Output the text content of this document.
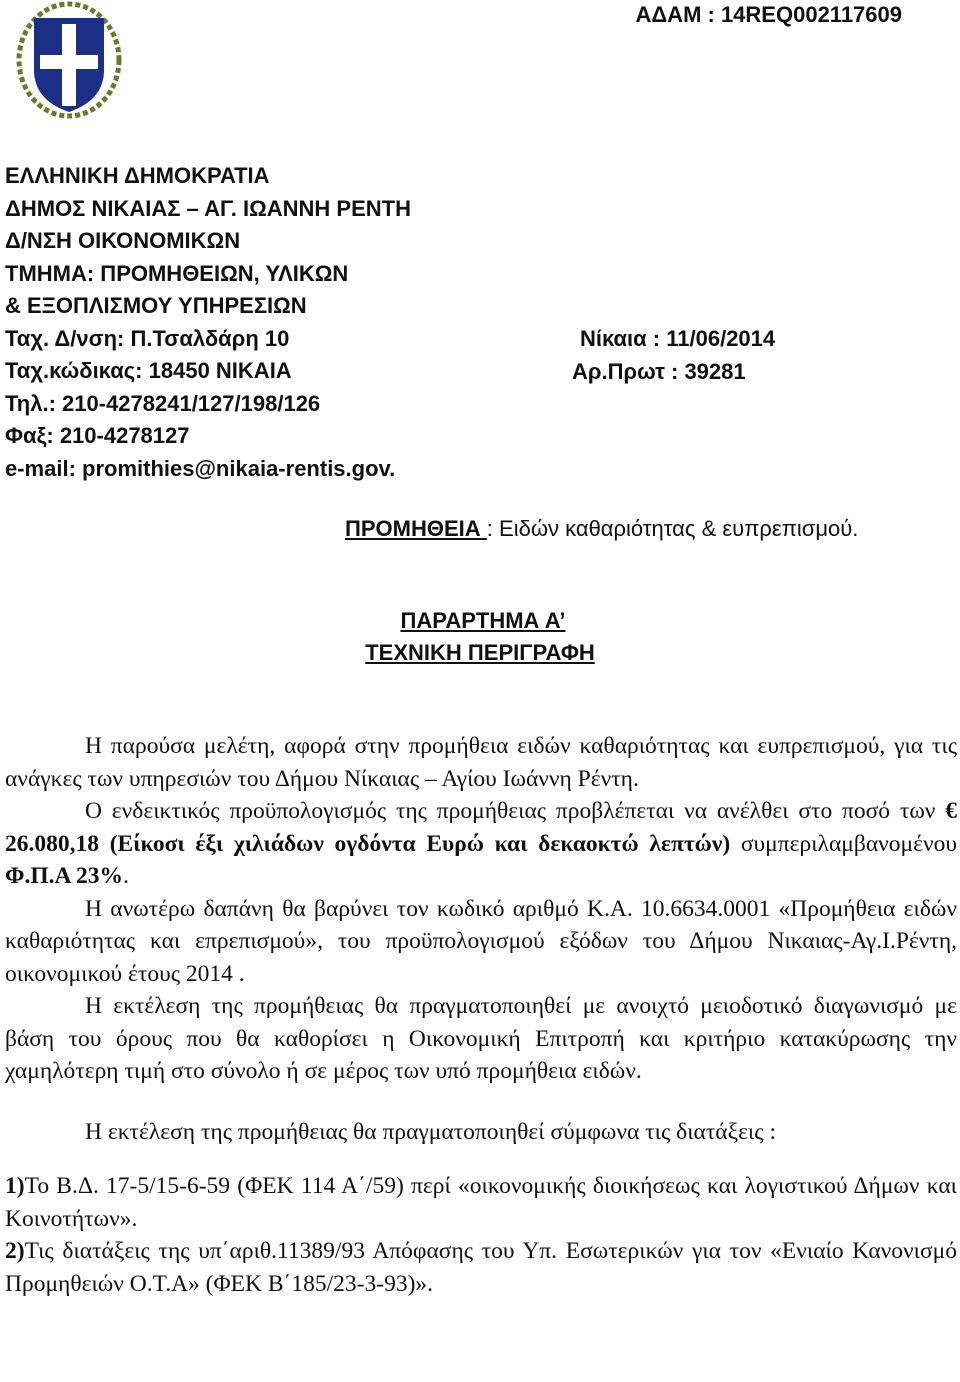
ΑΔΑΜ : 14REQ002117609
ΕΛΛΗΝΙΚΗ ΔΗΜΟΚΡΑΤΙΑ
ΔΗΜΟΣ ΝΙΚΑΙΑΣ – ΑΓ. ΙΩΑΝΝΗ ΡΕΝΤΗ
Δ/ΝΣΗ ΟΙΚΟΝΟΜΙΚΩΝ
ΤΜΗΜΑ: ΠΡΟΜΗΘΕΙΩΝ, ΥΛΙΚΩΝ
& ΕΞΟΠΛΙΣΜΟΥ ΥΠΗΡΕΣΙΩΝ
Ταχ. Δ/νση: Π.Τσαλδάρη 10
Ταχ.κώδικας: 18450 ΝΙΚΑΙΑ
Τηλ.: 210-4278241/127/198/126
Φαξ: 210-4278127
e-mail: promithies@nikaia-rentis.gov.
Νίκαια : 11/06/2014
Αρ.Πρωτ : 39281
ΠΡΟΜΗΘΕΙΑ : Ειδών καθαριότητας & ευπρεπισμού.
ΠΑΡΑΡΤΗΜΑ Α’
ΤΕΧΝΙΚΗ ΠΕΡΙΓΡΑΦΗ

Η παρούσα μελέτη, αφορά στην προμήθεια ειδών καθαριότητας και ευπρεπισμού, για τις ανάγκες των υπηρεσιών του Δήμου Νίκαιας – Αγίου Ιωάννη Ρέντη.

Ο ενδεικτικός προϋπολογισμός της προμήθειας προβλέπεται να ανέλθει στο ποσό των € 26.080,18 (Είκοσι έξι χιλιάδων ογδόντα Ευρώ και δεκαοκτώ λεπτών) συμπεριλαμβανομένου Φ.Π.Α 23%.

Η ανωτέρω δαπάνη θα βαρύνει τον κωδικό αριθμό Κ.Α. 10.6634.0001 «Προμήθεια ειδών καθαριότητας και επρεπισμού», του προϋπολογισμού εξόδων του Δήμου Νικαιας-Αγ.Ι.Ρέντη, οικονομικού έτους 2014 .

Η εκτέλεση της προμήθειας θα πραγματοποιηθεί με ανοιχτό μειοδοτικό διαγωνισμό με βάση του όρους που θα καθορίσει η Οικονομική Επιτροπή και κριτήριο κατακύρωσης την χαμηλότερη τιμή στο σύνολο ή σε μέρος των υπό προμήθεια ειδών.

Η εκτέλεση της προμήθειας θα πραγματοποιηθεί σύμφωνα τις διατάξεις :

1)Το Β.Δ. 17-5/15-6-59 (ΦΕΚ 114 Α΄/59) περί «οικονομικής διοικήσεως και λογιστικού Δήμων και Κοινοτήτων».

2)Τις διατάξεις της υπ΄αριθ.11389/93 Απόφασης του Υπ. Εσωτερικών για τον «Ενιαίο Κανονισμό Προμηθειών Ο.Τ.Α» (ΦΕΚ Β΄185/23-3-93)».
